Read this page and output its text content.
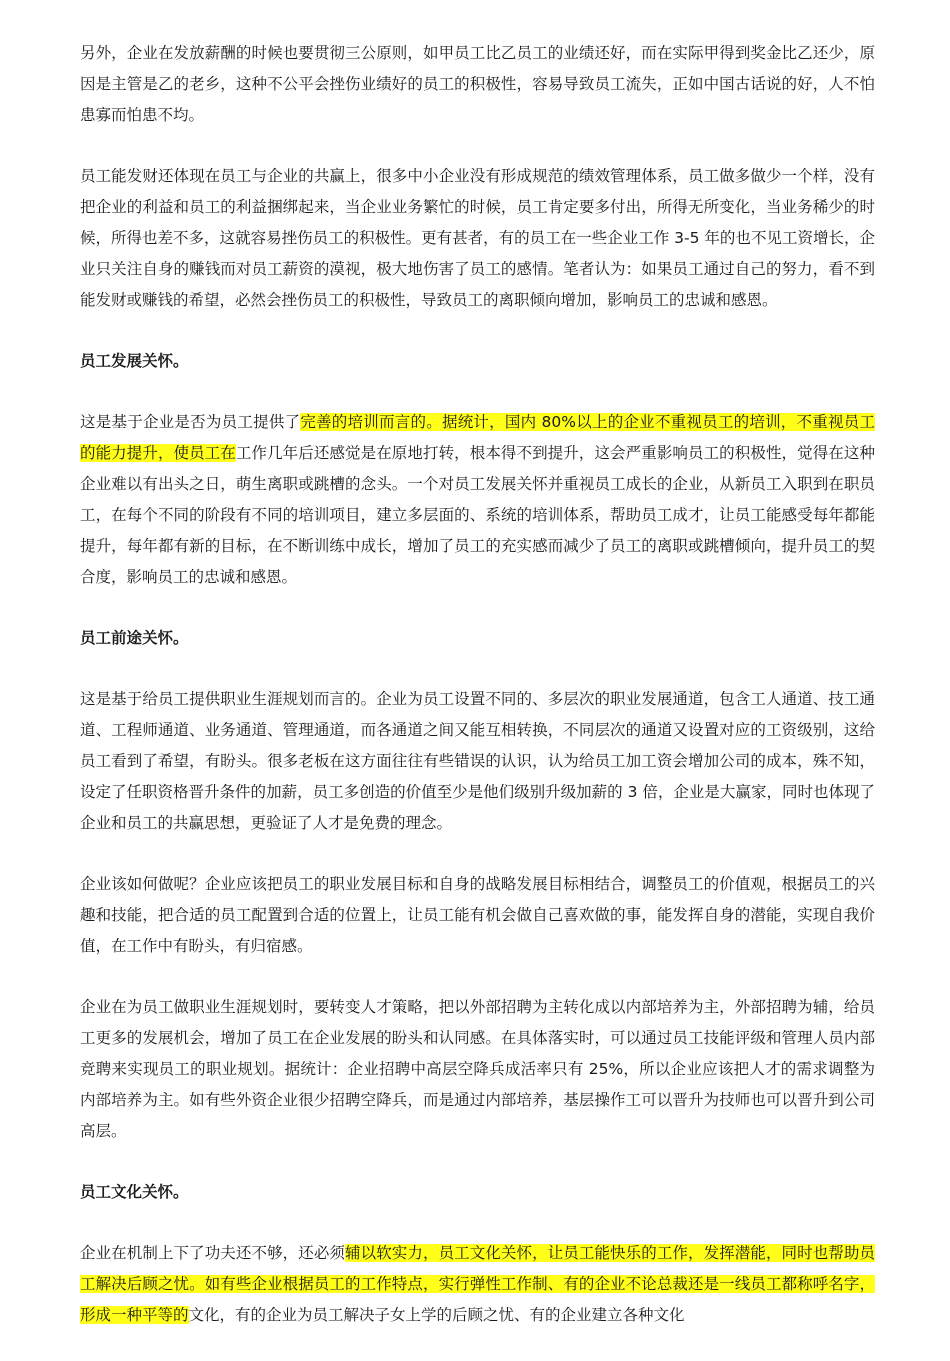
另外，企业在发放薪酬的时候也要贯彻三公原则，如甲员工比乙员工的业绩还好，而在实际甲得到奖金比乙还少，原因是主管是乙的老乡，这种不公平会挫伤业绩好的员工的积极性，容易导致员工流失，正如中国古话说的好，人不怕患寡而怕患不均。

员工能发财还体现在员工与企业的共赢上，很多中小企业没有形成规范的绩效管理体系，员工做多做少一个样，没有把企业的利益和员工的利益捆绑起来，当企业业务繁忙的时候，员工肯定要多付出，所得无所变化，当业务稀少的时候，所得也差不多，这就容易挫伤员工的积极性。更有甚者，有的员工在一些企业工作 3-5 年的也不见工资增长，企业只关注自身的赚钱而对员工薪资的漠视，极大地伤害了员工的感情。笔者认为：如果员工通过自己的努力，看不到能发财或赚钱的希望，必然会挫伤员工的积极性，导致员工的离职倾向增加，影响员工的忠诚和感恩。

员工发展关怀。

这是基于企业是否为员工提供了完善的培训而言的。据统计，国内 80%以上的企业不重视员工的培训，不重视员工的能力提升，使员工在工作几年后还感觉是在原地打转，根本得不到提升，这会严重影响员工的积极性，觉得在这种企业难以有出头之日，萌生离职或跳槽的念头。一个对员工发展关怀并重视员工成长的企业，从新员工入职到在职员工，在每个不同的阶段有不同的培训项目，建立多层面的、系统的培训体系，帮助员工成才，让员工能感受每年都能提升，每年都有新的目标，在不断训练中成长，增加了员工的充实感而减少了员工的离职或跳槽倾向，提升员工的契合度，影响员工的忠诚和感恩。

员工前途关怀。

这是基于给员工提供职业生涯规划而言的。企业为员工设置不同的、多层次的职业发展通道，包含工人通道、技工通道、工程师通道、业务通道、管理通道，而各通道之间又能互相转换，不同层次的通道又设置对应的工资级别，这给员工看到了希望，有盼头。很多老板在这方面往往有些错误的认识，认为给员工加工资会增加公司的成本，殊不知，设定了任职资格晋升条件的加薪，员工多创造的价值至少是他们级别升级加薪的 3 倍，企业是大赢家，同时也体现了企业和员工的共赢思想，更验证了人才是免费的理念。

企业该如何做呢？企业应该把员工的职业发展目标和自身的战略发展目标相结合，调整员工的价值观，根据员工的兴趣和技能，把合适的员工配置到合适的位置上，让员工能有机会做自己喜欢做的事，能发挥自身的潜能，实现自我价值，在工作中有盼头，有归宿感。

企业在为员工做职业生涯规划时，要转变人才策略，把以外部招聘为主转化成以内部培养为主，外部招聘为辅，给员工更多的发展机会，增加了员工在企业发展的盼头和认同感。在具体落实时，可以通过员工技能评级和管理人员内部竞聘来实现员工的职业规划。据统计：企业招聘中高层空降兵成活率只有 25%，所以企业应该把人才的需求调整为内部培养为主。如有些外资企业很少招聘空降兵，而是通过内部培养，基层操作工可以晋升为技师也可以晋升到公司高层。

员工文化关怀。

企业在机制上下了功夫还不够，还必须辅以软实力，员工文化关怀，让员工能快乐的工作，发挥潜能，同时也帮助员工解决后顾之忧。如有些企业根据员工的工作特点，实行弹性工作制、有的企业不论总裁还是一线员工都称呼名字，形成一种平等的文化，有的企业为员工解决子女上学的后顾之忧、有的企业建立各种文化
